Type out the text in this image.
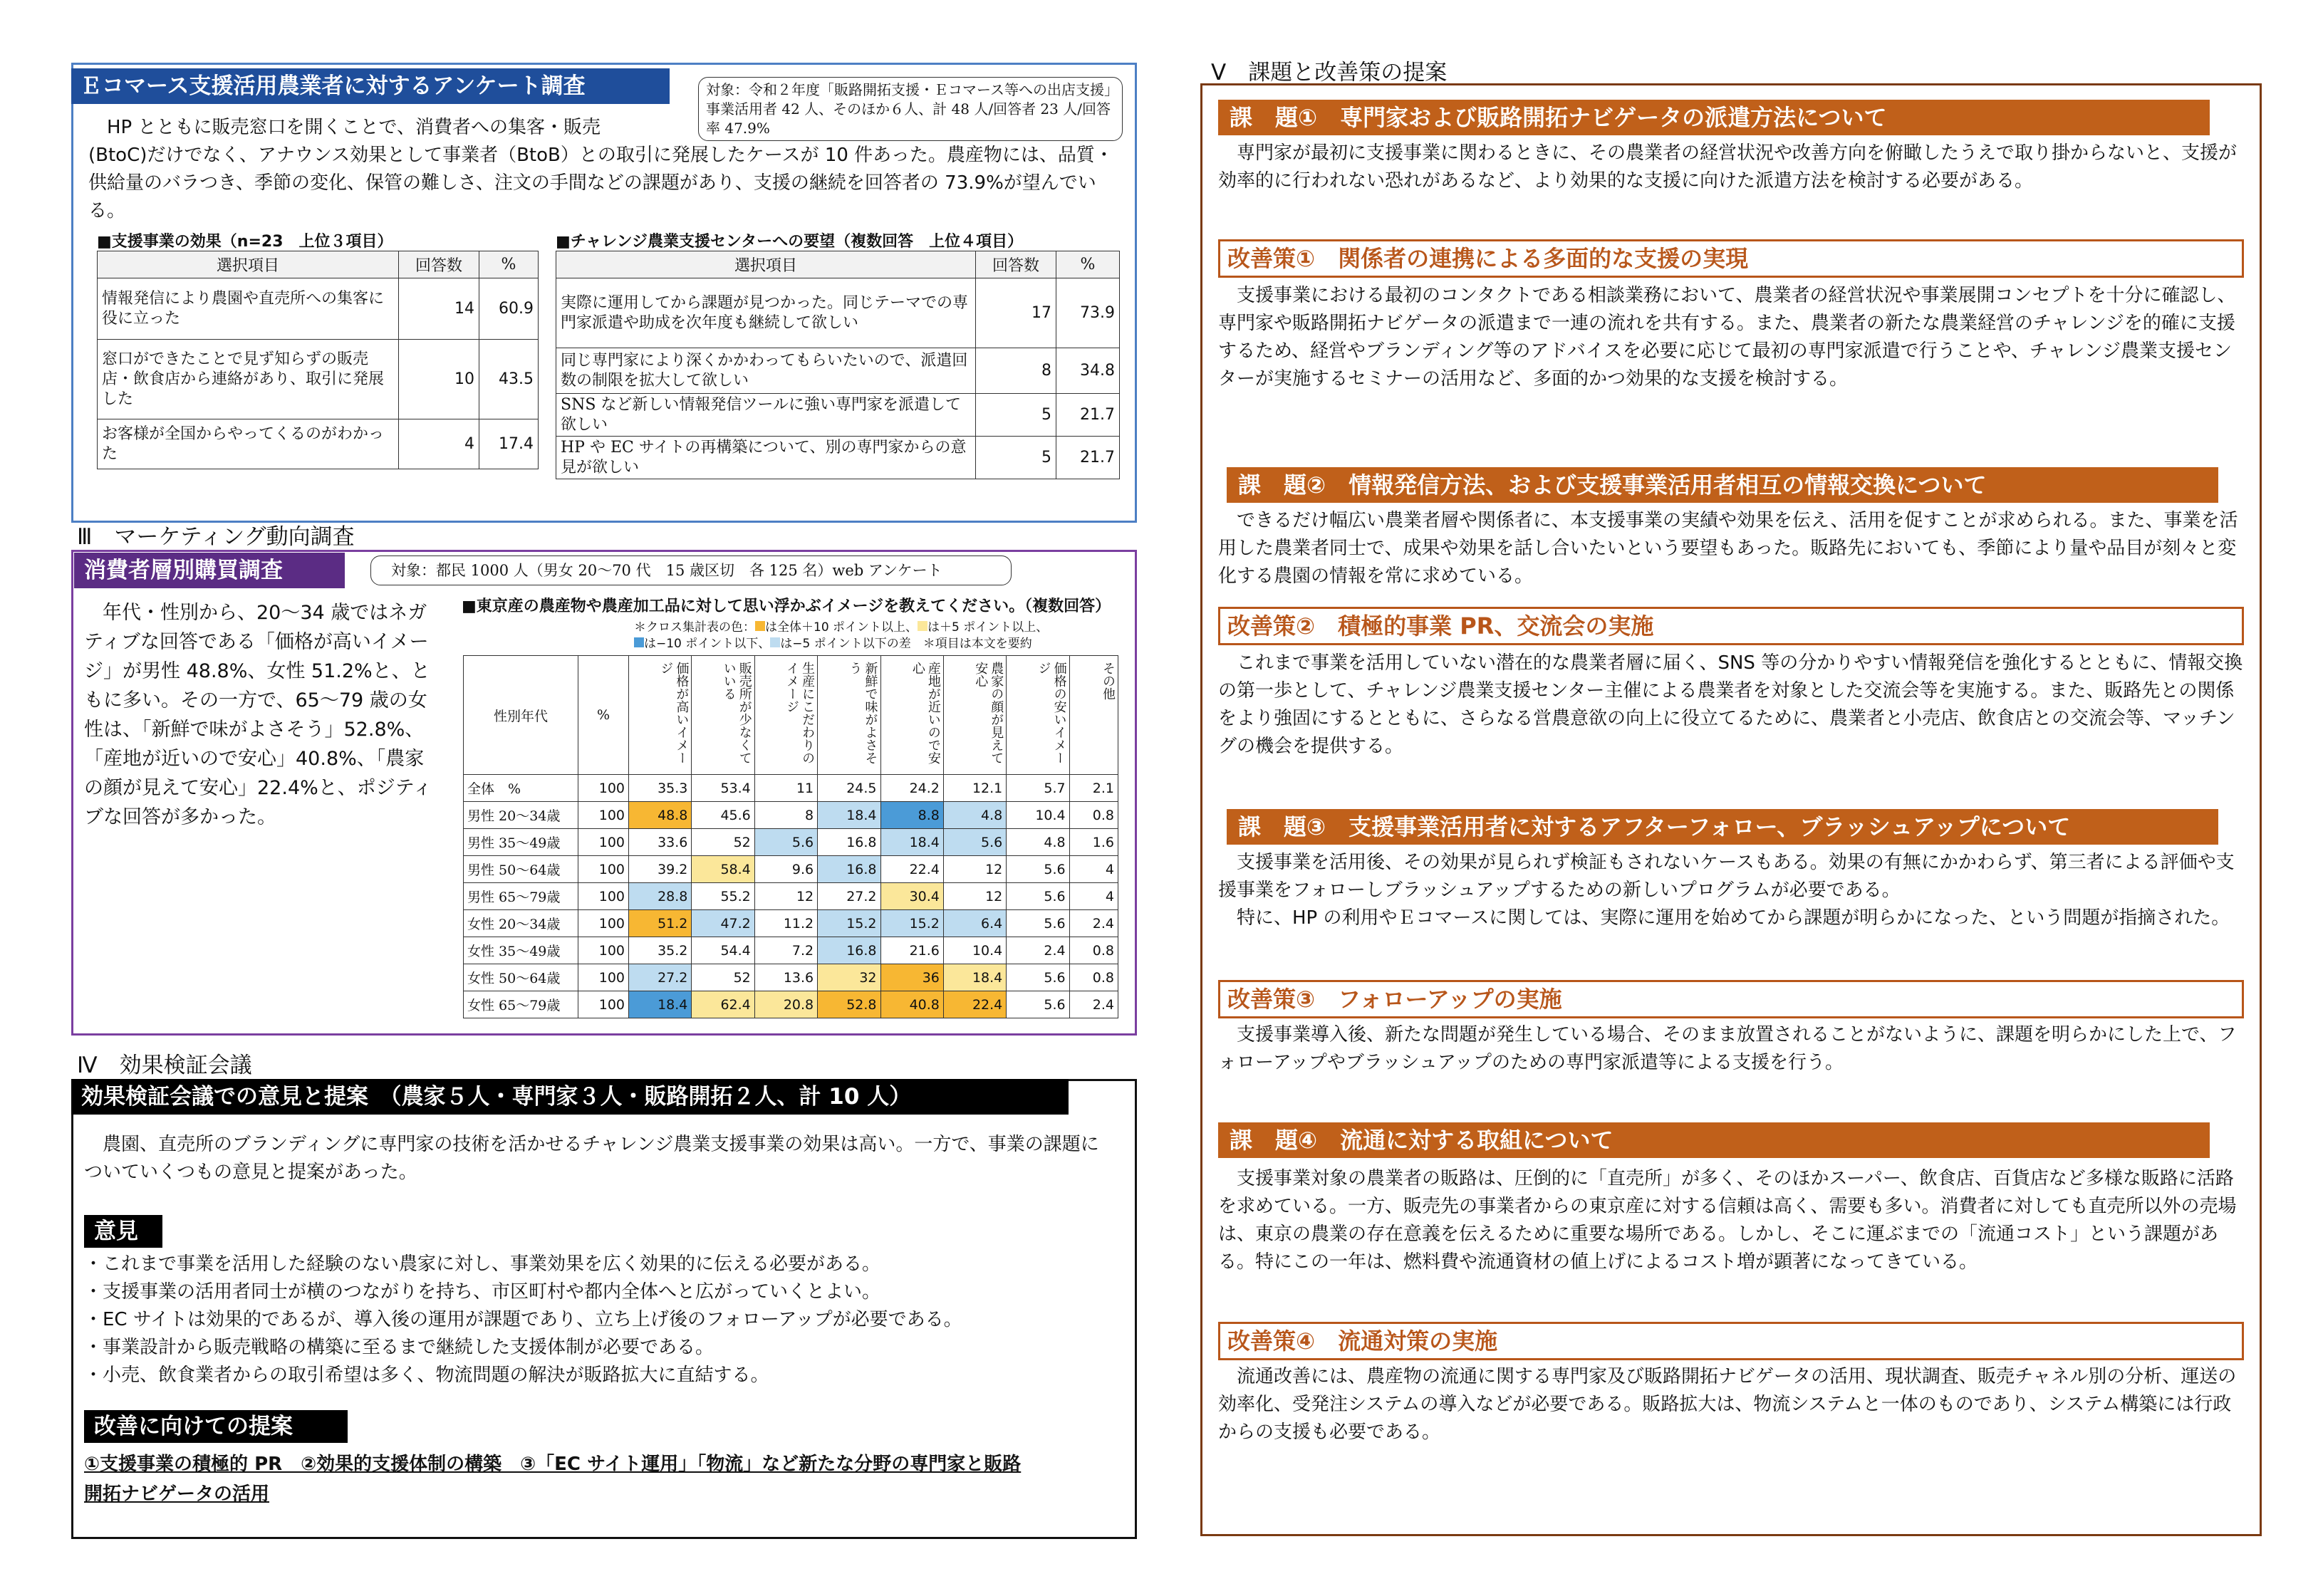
Ｅコマース支援活用農業者に対するアンケート調査	対象：令和２年度「販路開拓支援・Ｅコマース等への出店支援」事業活用者 42 人、そのほか６人、計 48 人/回答者 23 人/回答率 47.9%

HP とともに販売窓口を開くことで、消費者への集客・販売

(BtoC)だけでなく、アナウンス効果として事業者（BtoB）との取引に発展したケースが 10 件あった。農産物には、品質・供給量のバラつき、季節の変化、保管の難しさ、注文の手間などの課題があり、支援の継続を回答者の 73.9%が望んでいる。

■支援事業の効果（n=23　上位３項目）
選択項目	回答数	%
情報発信により農園や直売所への集客に役に立った	14	60.9
窓口ができたことで見ず知らずの販売店・飲食店から連絡があり、取引に発展した	10	43.5
お客様が全国からやってくるのがわかった	4	17.4
■チャレンジ農業支援センターへの要望（複数回答　上位４項目）
選択項目	回答数	%
実際に運用してから課題が見つかった。同じテーマでの専門家派遣や助成を次年度も継続して欲しい	17	73.9
同じ専門家により深くかかわってもらいたいので、派遣回数の制限を拡大して欲しい	8	34.8
SNS など新しい情報発信ツールに強い専門家を派遣して欲しい	5	21.7
HP や EC サイトの再構築について、別の専門家からの意見が欲しい	5	21.7
Ⅲ　マーケティング動向調査
消費者層別購買調査	対象：都民 1000 人（男女 20〜70 代　15 歳区切　各 125 名）web アンケート

年代・性別から、20〜34 歳ではネガティブな回答である「価格が高いイメージ」が男性 48.8%、女性 51.2%と、ともに多い。その一方で、65〜79 歳の女性は、「新鮮で味がよさそう」52.8%、「産地が近いので安心」40.8%、「農家の顔が見えて安心」22.4%と、ポジティブな回答が多かった。

■東京産の農産物や農産加工品に対して思い浮かぶイメージを教えてください。（複数回答）
＊クロス集計表の色： は全体＋10 ポイント以上、 は＋5 ポイント以上、
は−10 ポイント以下、 は−5 ポイント以下の差　＊項目は本文を要約
性別年代	%	価格が高いイメージ	販売所が少なくていいる	生産にこだわりのイメージ	新鮮で味がよさそう	産地が近いので安心	農家の顔が見えて安心	価格の安いイメージ	その他
全体　%	100	35.3	53.4	11	24.5	24.2	12.1	5.7	2.1
男性 20〜34歳	100	48.8	45.6	8	18.4	8.8	4.8	10.4	0.8
男性 35〜49歳	100	33.6	52	5.6	16.8	18.4	5.6	4.8	1.6
男性 50〜64歳	100	39.2	58.4	9.6	16.8	22.4	12	5.6	4
男性 65〜79歳	100	28.8	55.2	12	27.2	30.4	12	5.6	4
女性 20〜34歳	100	51.2	47.2	11.2	15.2	15.2	6.4	5.6	2.4
女性 35〜49歳	100	35.2	54.4	7.2	16.8	21.6	10.4	2.4	0.8
女性 50〜64歳	100	27.2	52	13.6	32	36	18.4	5.6	0.8
女性 65〜79歳	100	18.4	62.4	20.8	52.8	40.8	22.4	5.6	2.4
Ⅳ　効果検証会議
効果検証会議での意見と提案　（農家５人・専門家３人・販路開拓２人、計 10 人）

農園、直売所のブランディングに専門家の技術を活かせるチャレンジ農業支援事業の効果は高い。一方で、事業の課題についていくつもの意見と提案があった。

意見

・これまで事業を活用した経験のない農家に対し、事業効果を広く効果的に伝える必要がある。

・支援事業の活用者同士が横のつながりを持ち、市区町村や都内全体へと広がっていくとよい。

・EC サイトは効果的であるが、導入後の運用が課題であり、立ち上げ後のフォローアップが必要である。

・事業設計から販売戦略の構築に至るまで継続した支援体制が必要である。

・小売、飲食業者からの取引希望は多く、物流問題の解決が販路拡大に直結する。

改善に向けての提案
①支援事業の積極的 PR　②効果的支援体制の構築　③「EC サイト運用」「物流」など新たな分野の専門家と販路
開拓ナビゲータの活用
Ⅴ　課題と改善策の提案
課　題①　専門家および販路開拓ナビゲータの派遣方法について

専門家が最初に支援事業に関わるときに、その農業者の経営状況や改善方向を俯瞰したうえで取り掛からないと、支援が効率的に行われない恐れがあるなど、より効果的な支援に向けた派遣方法を検討する必要がある。

改善策①　関係者の連携による多面的な支援の実現

支援事業における最初のコンタクトである相談業務において、農業者の経営状況や事業展開コンセプトを十分に確認し、専門家や販路開拓ナビゲータの派遣まで一連の流れを共有する。また、農業者の新たな農業経営のチャレンジを的確に支援するため、経営やブランディング等のアドバイスを必要に応じて最初の専門家派遣で行うことや、チャレンジ農業支援センターが実施するセミナーの活用など、多面的かつ効果的な支援を検討する。

課　題②　情報発信方法、および支援事業活用者相互の情報交換について

できるだけ幅広い農業者層や関係者に、本支援事業の実績や効果を伝え、活用を促すことが求められる。また、事業を活用した農業者同士で、成果や効果を話し合いたいという要望もあった。販路先においても、季節により量や品目が刻々と変化する農園の情報を常に求めている。

改善策②　積極的事業 PR、交流会の実施

これまで事業を活用していない潜在的な農業者層に届く、SNS 等の分かりやすい情報発信を強化するとともに、情報交換の第一歩として、チャレンジ農業支援センター主催による農業者を対象とした交流会等を実施する。また、販路先との関係をより強固にするとともに、さらなる営農意欲の向上に役立てるために、農業者と小売店、飲食店との交流会等、マッチングの機会を提供する。

課　題③　支援事業活用者に対するアフターフォロー、ブラッシュアップについて

支援事業を活用後、その効果が見られず検証もされないケースもある。効果の有無にかかわらず、第三者による評価や支援事業をフォローしブラッシュアップするための新しいプログラムが必要である。

特に、HP の利用やＥコマースに関しては、実際に運用を始めてから課題が明らかになった、という問題が指摘された。

改善策③　フォローアップの実施

支援事業導入後、新たな問題が発生している場合、そのまま放置されることがないように、課題を明らかにした上で、フォローアップやブラッシュアップのための専門家派遣等による支援を行う。

課　題④　流通に対する取組について

支援事業対象の農業者の販路は、圧倒的に「直売所」が多く、そのほかスーパー、飲食店、百貨店など多様な販路に活路を求めている。一方、販売先の事業者からの東京産に対する信頼は高く、需要も多い。消費者に対しても直売所以外の売場は、東京の農業の存在意義を伝えるために重要な場所である。しかし、そこに運ぶまでの「流通コスト」という課題がある。特にこの一年は、燃料費や流通資材の値上げによるコスト増が顕著になってきている。

改善策④　流通対策の実施

流通改善には、農産物の流通に関する専門家及び販路開拓ナビゲータの活用、現状調査、販売チャネル別の分析、運送の効率化、受発注システムの導入などが必要である。販路拡大は、物流システムと一体のものであり、システム構築には行政からの支援も必要である。
